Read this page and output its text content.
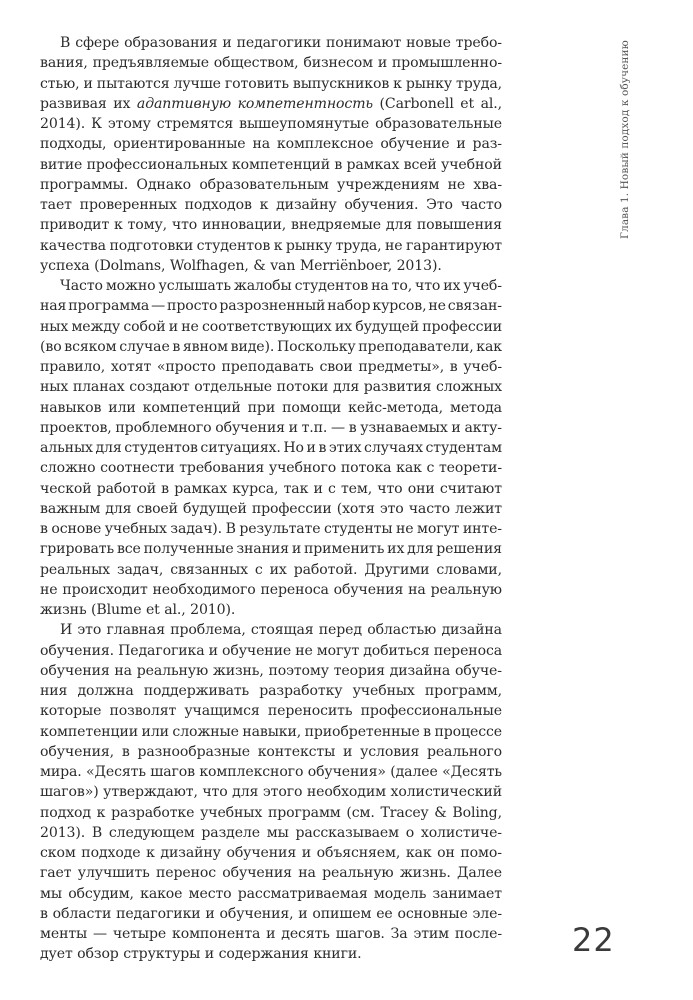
В сфере образования и педагогики понимают новые требо-
вания, предъявляемые обществом, бизнесом и промышленно-
стью, и пытаются лучше готовить выпускников к рынку труда,
развивая их адаптивную компетентность (Carbonell et al.,
2014). К этому стремятся вышеупомянутые образовательные
подходы, ориентированные на комплексное обучение и раз-
витие профессиональных компетенций в рамках всей учебной
программы. Однако образовательным учреждениям не хва-
тает проверенных подходов к дизайну обучения. Это часто
приводит к тому, что инновации, внедряемые для повышения
качества подготовки студентов к рынку труда, не гарантируют
успеха (Dolmans, Wolfhagen, & van Merriënboer, 2013).
Часто можно услышать жалобы студентов на то, что их учеб-
ная программа — просто разрозненный набор курсов, не связан-
ных между собой и не соответствующих их будущей профессии
(во всяком случае в явном виде). Поскольку преподаватели, как
правило, хотят «просто преподавать свои предметы», в учеб-
ных планах создают отдельные потоки для развития сложных
навыков или компетенций при помощи кейс-метода, метода
проектов, проблемного обучения и т.п. — в узнаваемых и акту-
альных для студентов ситуациях. Но и в этих случаях студентам
сложно соотнести требования учебного потока как с теорети-
ческой работой в рамках курса, так и с тем, что они считают
важным для своей будущей профессии (хотя это часто лежит
в основе учебных задач). В результате студенты не могут инте-
грировать все полученные знания и применить их для решения
реальных задач, связанных с их работой. Другими словами,
не происходит необходимого переноса обучения на реальную
жизнь (Blume et al., 2010).
И это главная проблема, стоящая перед областью дизайна
обучения. Педагогика и обучение не могут добиться переноса
обучения на реальную жизнь, поэтому теория дизайна обуче-
ния должна поддерживать разработку учебных программ,
которые позволят учащимся переносить профессиональные
компетенции или сложные навыки, приобретенные в процессе
обучения, в разнообразные контексты и условия реального
мира. «Десять шагов комплексного обучения» (далее «Десять
шагов») утверждают, что для этого необходим холистический
подход к разработке учебных программ (см. Tracey & Boling,
2013). В следующем разделе мы рассказываем о холистиче-
ском подходе к дизайну обучения и объясняем, как он помо-
гает улучшить перенос обучения на реальную жизнь. Далее
мы обсудим, какое место рассматриваемая модель занимает
в области педагогики и обучения, и опишем ее основные элe-
менты — четыре компонента и десять шагов. За этим после-
дует обзор структуры и содержания книги.
Глава 1. Новый подход к обучению
22
